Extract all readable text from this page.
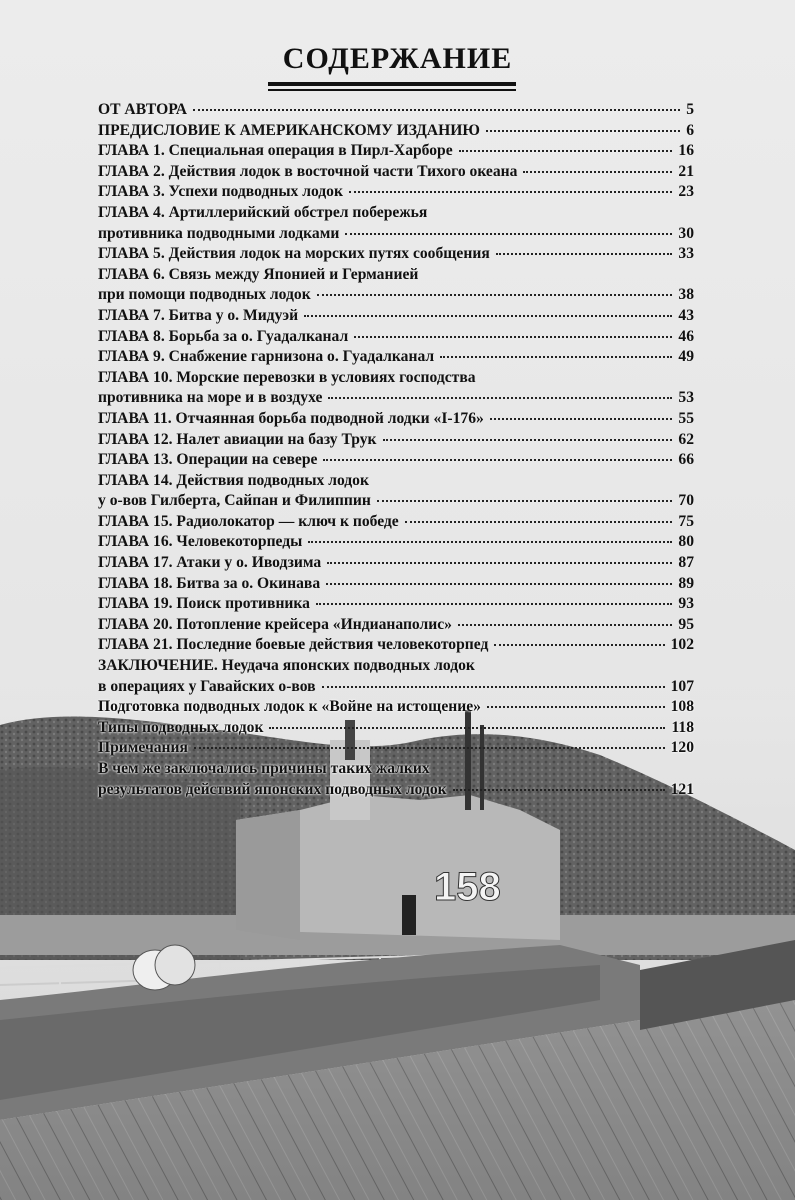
158
СОДЕРЖАНИЕ
ОТ АВТОРА	5
ПРЕДИСЛОВИЕ К АМЕРИКАНСКОМУ ИЗДАНИЮ	6
ГЛАВА 1. Специальная операция в Пирл-Харборе	16
ГЛАВА 2. Действия лодок в восточной части Тихого океана	21
ГЛАВА 3. Успехи подводных лодок	23
ГЛАВА 4. Артиллерийский обстрел побережья
противника подводными лодками	30
ГЛАВА 5. Действия лодок на морских путях сообщения	33
ГЛАВА 6. Связь между Японией и Германией
при помощи подводных лодок	38
ГЛАВА 7. Битва у о. Мидуэй	43
ГЛАВА 8. Борьба за о. Гуадалканал	46
ГЛАВА 9. Снабжение гарнизона о. Гуадалканал	49
ГЛАВА 10. Морские перевозки в условиях господства
противника на море и в воздухе	53
ГЛАВА 11. Отчаянная борьба подводной лодки «I-176»	55
ГЛАВА 12. Налет авиации на базу Трук	62
ГЛАВА 13. Операции на севере	66
ГЛАВА 14. Действия подводных лодок
у о-вов Гилберта, Сайпан и Филиппин	70
ГЛАВА 15. Радиолокатор — ключ к победе	75
ГЛАВА 16. Человекоторпеды	80
ГЛАВА 17. Атаки у о. Иводзима	87
ГЛАВА 18. Битва за о. Окинава	89
ГЛАВА 19. Поиск противника	93
ГЛАВА 20. Потопление крейсера «Индианаполис»	95
ГЛАВА 21. Последние боевые действия человекоторпед	102
ЗАКЛЮЧЕНИЕ. Неудача японских подводных лодок
в операциях у Гавайских о-вов	107
Подготовка подводных лодок к «Войне на истощение»	108
Типы подводных лодок	118
Примечания	120
В чем же заключались причины таких жалких
результатов действий японских подводных лодок	121
